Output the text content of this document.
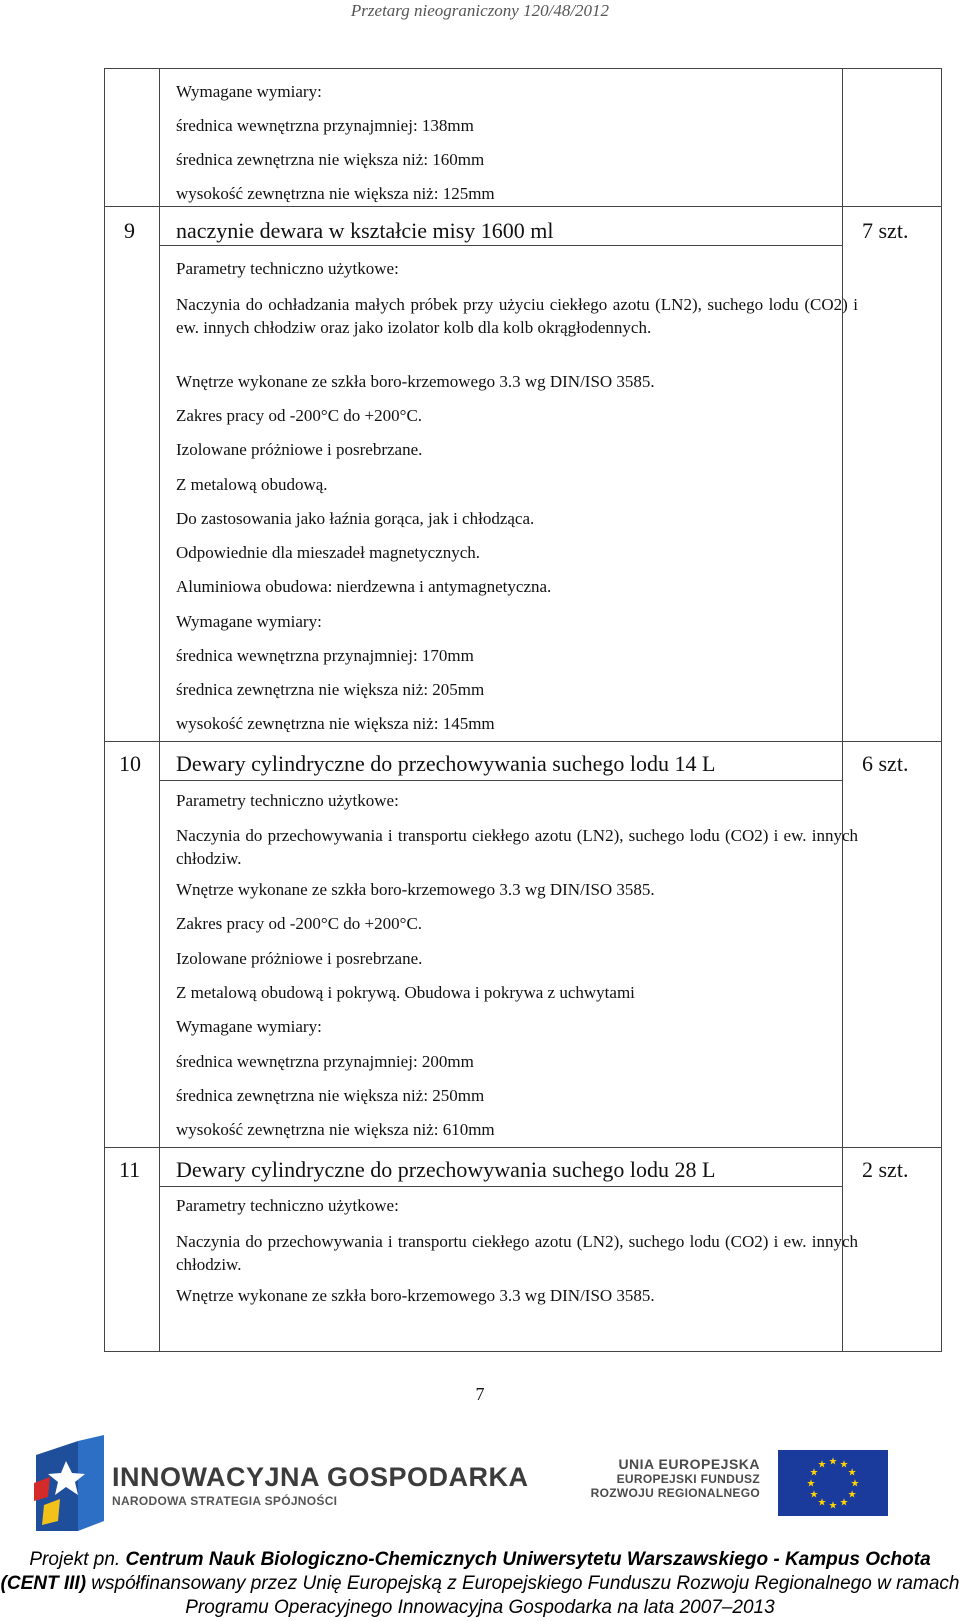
Przetarg nieograniczony 120/48/2012
Wymagane wymiary:
średnica wewnętrzna przynajmniej: 138mm
średnica zewnętrzna nie większa niż: 160mm
wysokość zewnętrzna nie większa niż: 125mm
9 naczynie dewara w kształcie misy 1600 ml	7 szt.
Parametry techniczno użytkowe:
Naczynia do ochładzania małych próbek przy użyciu ciekłego azotu (LN2), suchego lodu (CO2) i ew. innych chłodziw oraz jako izolator kolb dla kolb okrągłodennych.
Wnętrze wykonane ze szkła boro-krzemowego 3.3 wg DIN/ISO 3585.
Zakres pracy od -200°C do +200°C.
Izolowane próżniowe i posrebrzane.
Z metalową obudową.
Do zastosowania jako łaźnia gorąca, jak i chłodząca.
Odpowiednie dla mieszadeł magnetycznych.
Aluminiowa obudowa: nierdzewna i antymagnetyczna.
Wymagane wymiary:
średnica wewnętrzna przynajmniej: 170mm
średnica zewnętrzna nie większa niż: 205mm
wysokość zewnętrzna nie większa niż: 145mm
10 Dewary cylindryczne do przechowywania suchego lodu 14 L	6 szt.
Parametry techniczno użytkowe:
Naczynia do przechowywania i transportu ciekłego azotu (LN2), suchego lodu (CO2) i ew. innych chłodziw.
Wnętrze wykonane ze szkła boro-krzemowego 3.3 wg DIN/ISO 3585.
Zakres pracy od -200°C do +200°C.
Izolowane próżniowe i posrebrzane.
Z metalową obudową i pokrywą. Obudowa i pokrywa z uchwytami
Wymagane wymiary:
średnica wewnętrzna przynajmniej: 200mm
średnica zewnętrzna nie większa niż: 250mm
wysokość zewnętrzna nie większa niż: 610mm
11 Dewary cylindryczne do przechowywania suchego lodu 28 L	2 szt.
Parametry techniczno użytkowe:
Naczynia do przechowywania i transportu ciekłego azotu (LN2), suchego lodu (CO2) i ew. innych chłodziw.
Wnętrze wykonane ze szkła boro-krzemowego 3.3 wg DIN/ISO 3585.
7
INNOWACYJNA GOSPODARKA
NARODOWA STRATEGIA SPÓJNOŚCI
UNIA EUROPEJSKA
EUROPEJSKI FUNDUSZ
ROZWOJU REGIONALNEGO
★
★
★
★
★
★
★
★
★ ★ ★
★
Projekt pn. Centrum Nauk Biologiczno-Chemicznych Uniwersytetu Warszawskiego - Kampus Ochota (CENT III) współfinansowany przez Unię Europejską z Europejskiego Funduszu Rozwoju Regionalnego w ramach Programu Operacyjnego Innowacyjna Gospodarka na lata 2007–2013
